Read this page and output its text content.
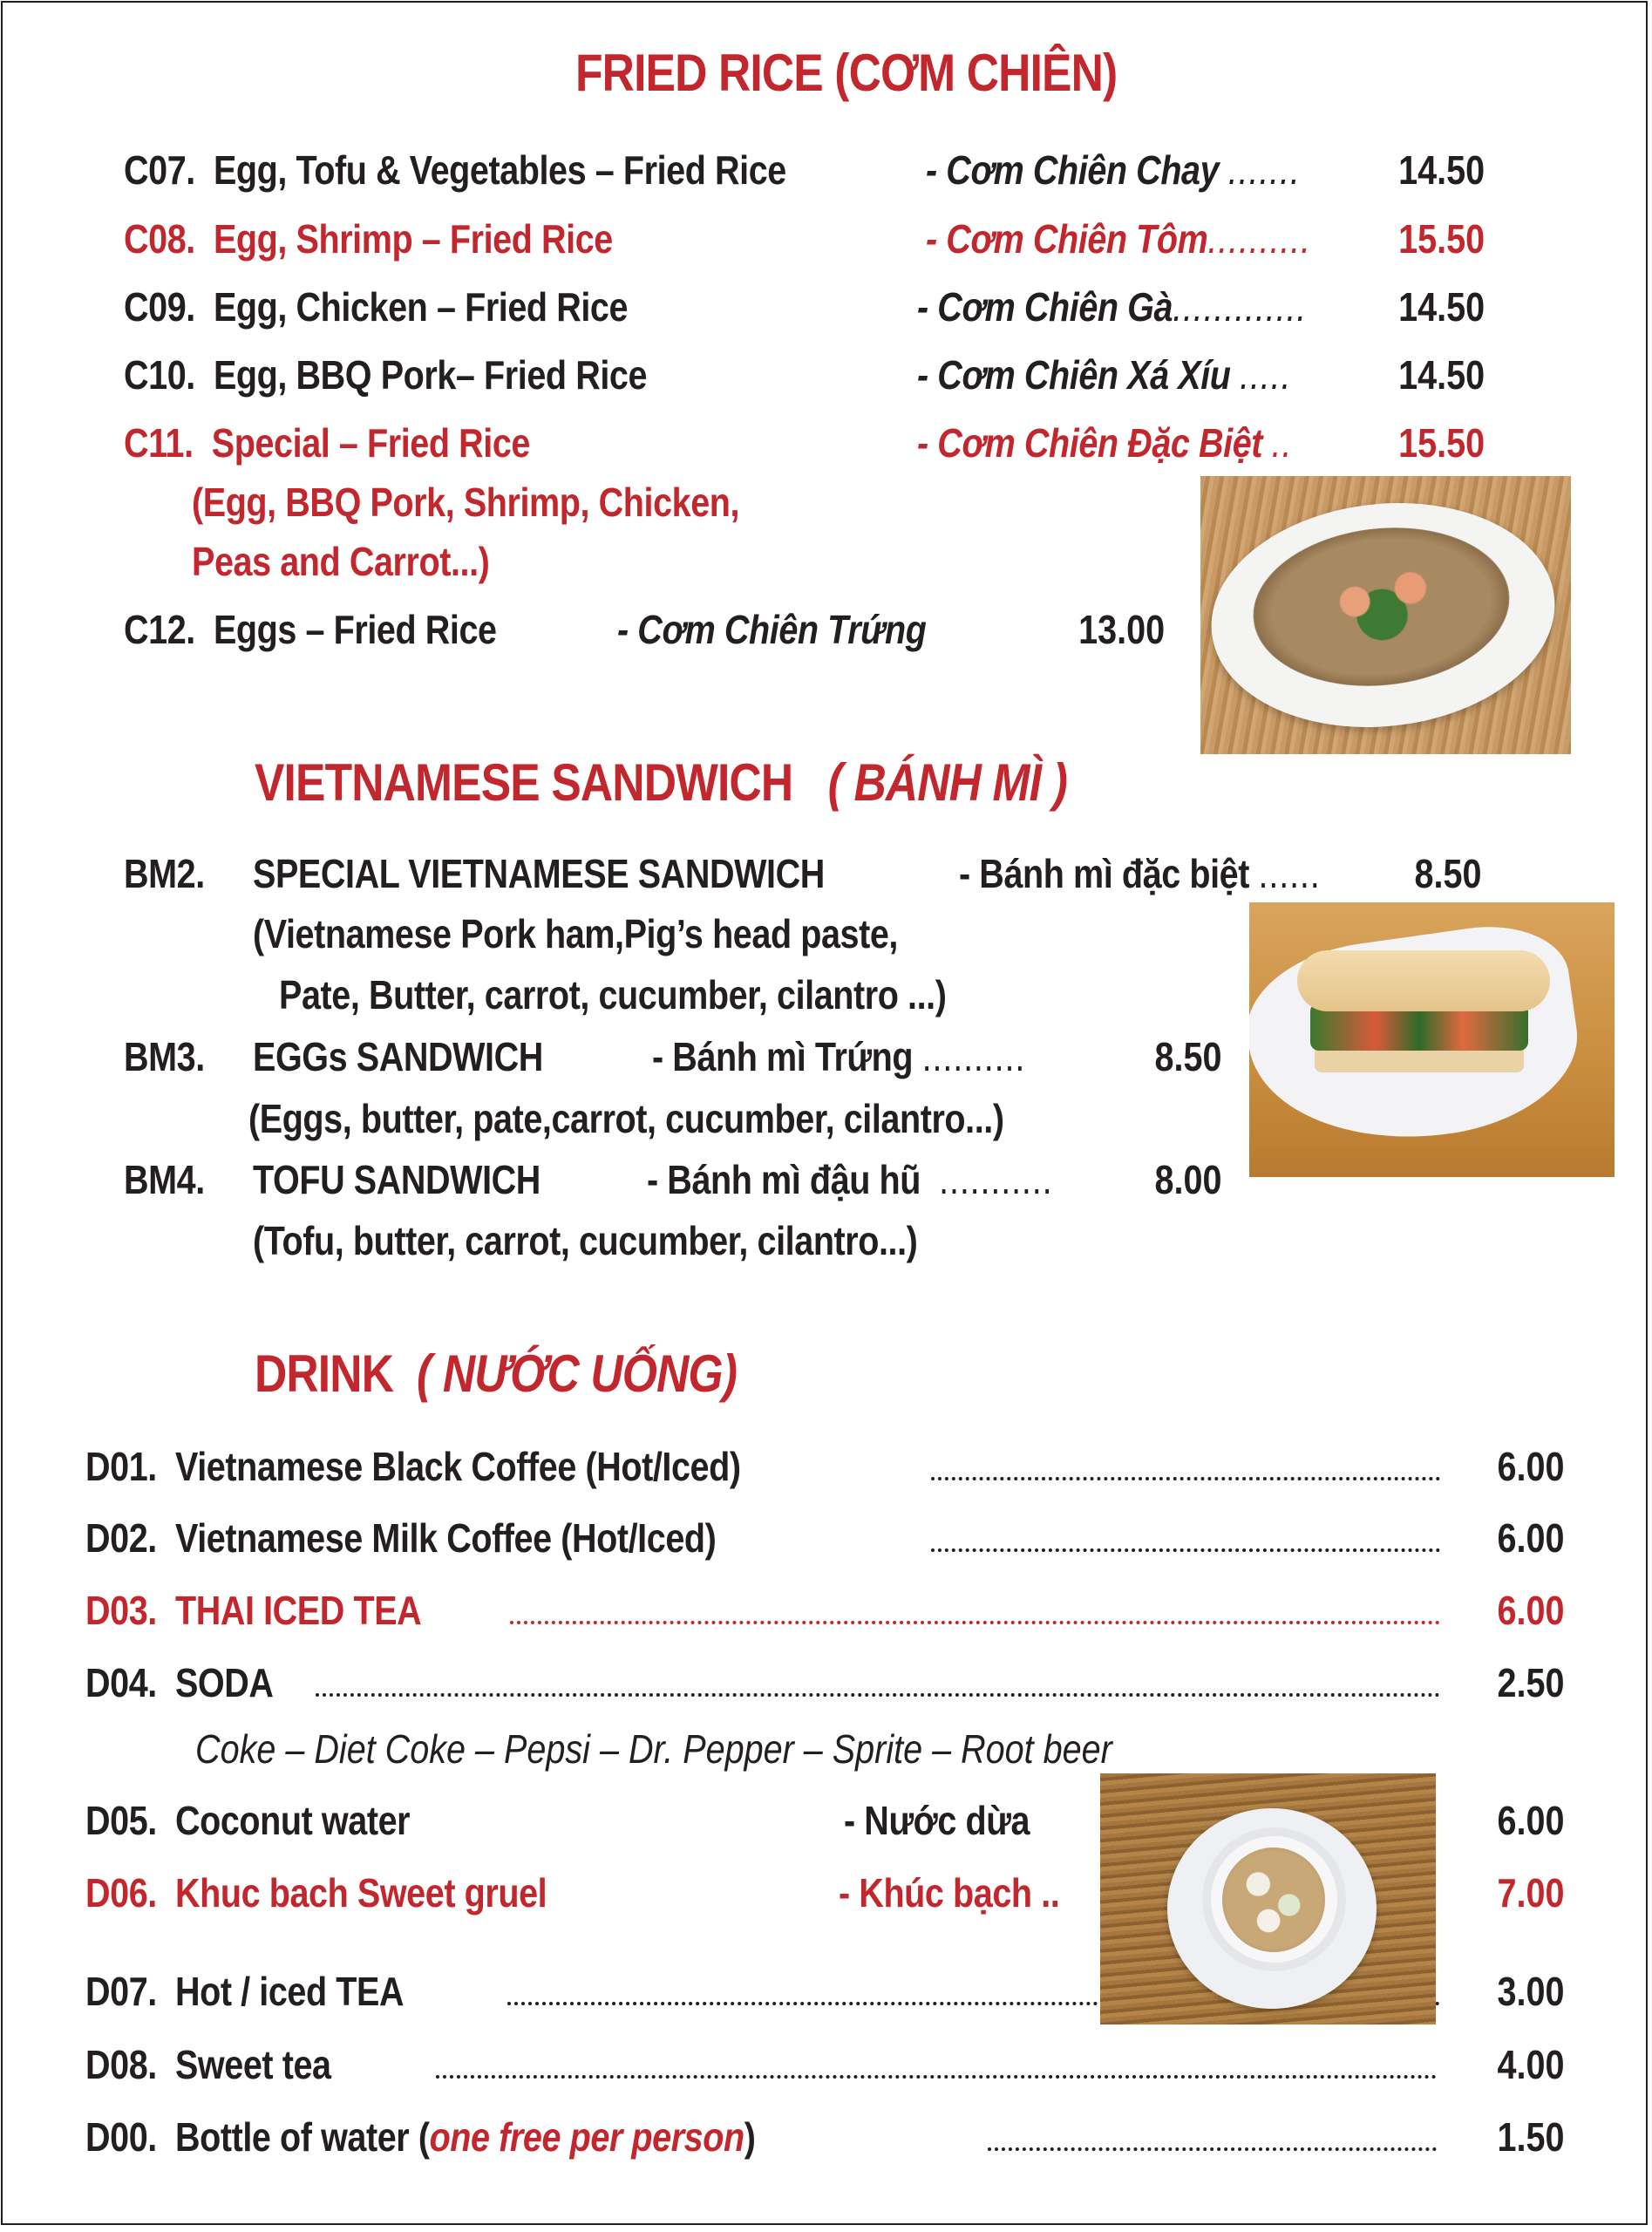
FRIED RICE (CƠM CHIÊN)
C07. Egg, Tofu & Vegetables – Fried Rice	- Cơm Chiên Chay ....... 14.50
C08. Egg, Shrimp – Fried Rice	- Cơm Chiên Tôm.......... 15.50
C09. Egg, Chicken – Fried Rice	- Cơm Chiên Gà............. 14.50
C10. Egg, BBQ Pork– Fried Rice	- Cơm Chiên Xá Xíu .....	14.50
C11. Special – Fried Rice	- Cơm Chiên Đặc Biệt ..	15.50
(Egg, BBQ Pork, Shrimp, Chicken,
Peas and Carrot...)
C12. Eggs – Fried Rice	- Cơm Chiên Trứng	13.00
VIETNAMESE SANDWICH ( BÁNH MÌ )
BM2. SPECIAL VIETNAMESE SANDWICH	- Bánh mì đặc biệt ...... 8.50
(Vietnamese Pork ham,Pig’s head paste,
Pate, Butter, carrot, cucumber, cilantro ...)
BM3. EGGs SANDWICH	- Bánh mì Trứng ..........	8.50
(Eggs, butter, pate,carrot, cucumber, cilantro...)
BM4. TOFU SANDWICH	- Bánh mì đậu hũ ...........	8.00
(Tofu, butter, carrot, cucumber, cilantro...)
DRINK ( NƯỚC UỐNG)
D01. Vietnamese Black Coffee (Hot/Iced)	6.00
D02. Vietnamese Milk Coffee (Hot/Iced)	6.00
D03. THAI ICED TEA	6.00
D04. SODA	2.50
Coke – Diet Coke – Pepsi – Dr. Pepper – Sprite – Root beer
D05. Coconut water	- Nước dừa	6.00
D06. Khuc bach Sweet gruel	- Khúc bạch ..	7.00
D07. Hot / iced TEA	3.00
D08. Sweet tea	4.00
D00. Bottle of water (one free per person)	1.50
